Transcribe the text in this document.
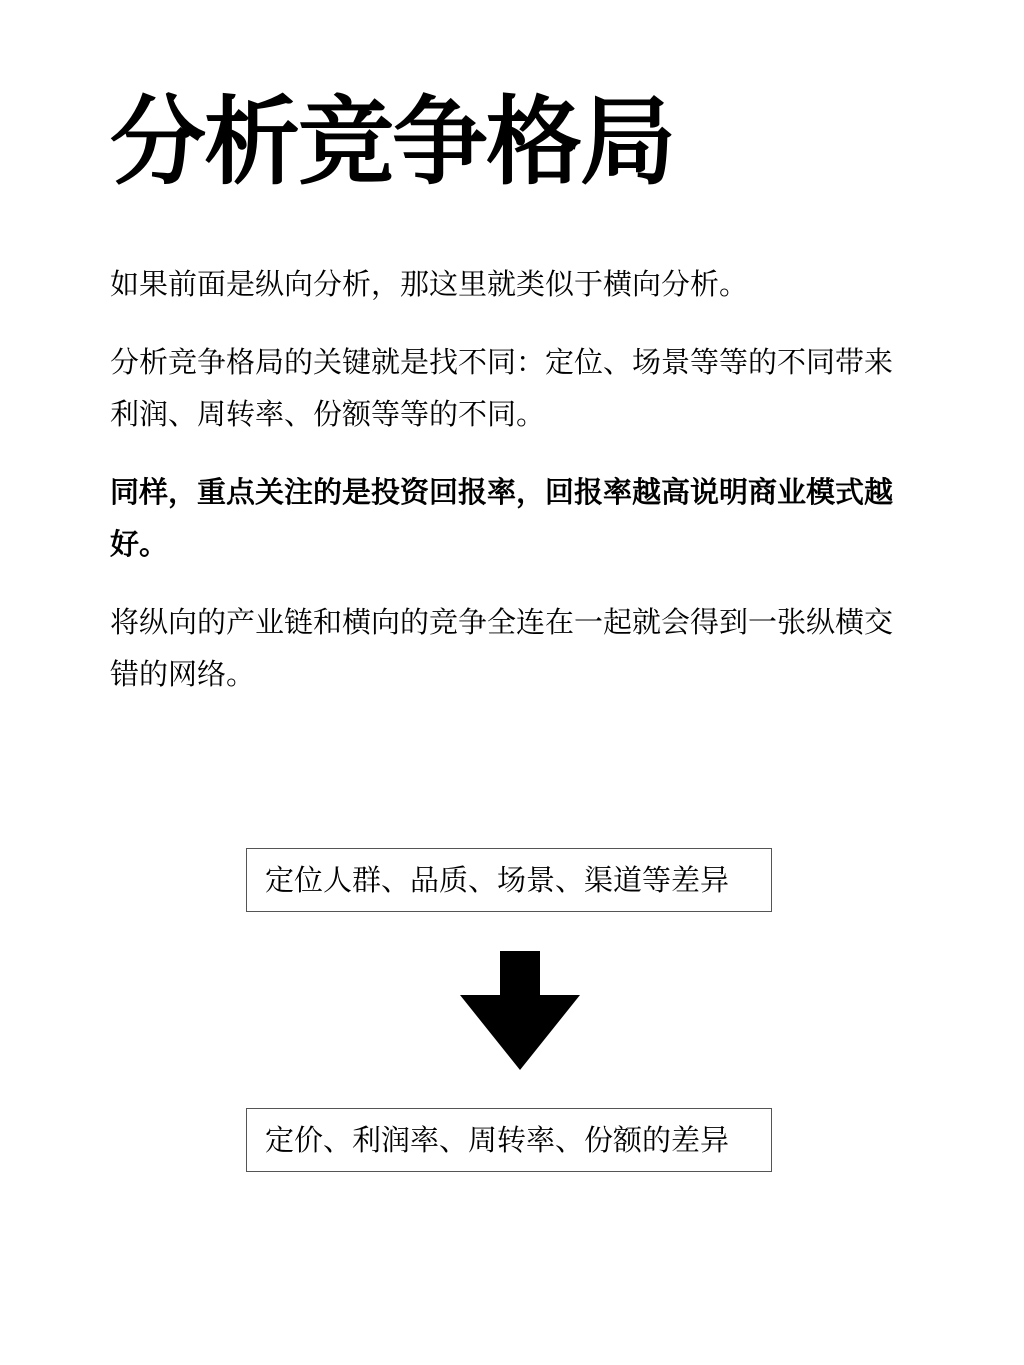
分析竞争格局

如果前面是纵向分析，那这里就类似于横向分析。

分析竞争格局的关键就是找不同：定位、场景等等的不同带来利润、周转率、份额等等的不同。

同样，重点关注的是投资回报率，回报率越高说明商业模式越好。

将纵向的产业链和横向的竞争全连在一起就会得到一张纵横交错的网络。

定位人群、品质、场景、渠道等差异
定价、利润率、周转率、份额的差异
